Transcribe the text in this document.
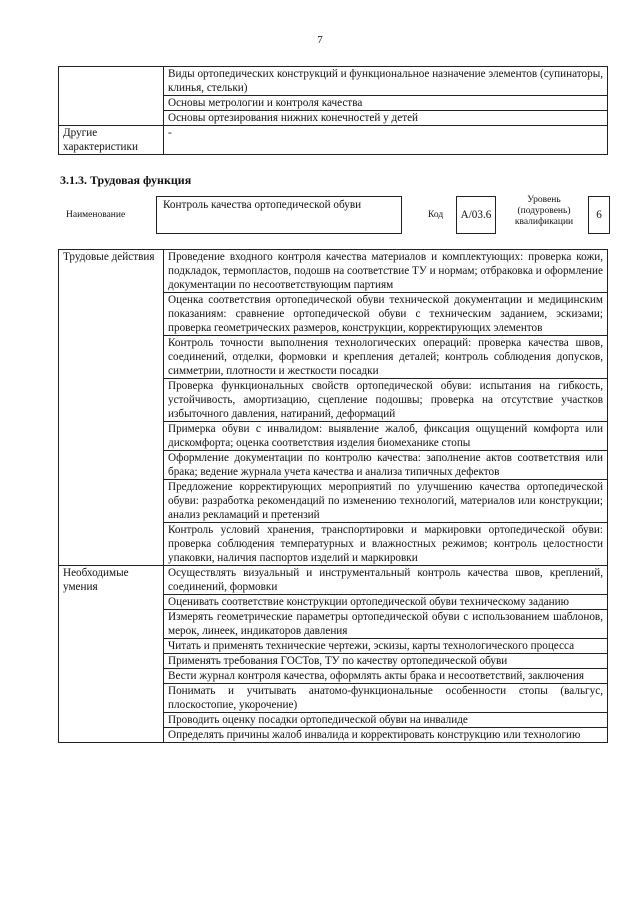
7
	Виды ортопедических конструкций и функциональное назначение элементов (супинаторы, клинья, стельки)
	Основы метрологии и контроля качества
	Основы ортезирования нижних конечностей у детей
Другие характеристики	-
3.1.3. Трудовая функция
Наименование
Контроль качества ортопедической обуви
Код	А/03.6
Уровень (подуровень) квалификации
6
Трудовые действия	Проведение входного контроля качества материалов и комплектующих: проверка кожи, подкладок, термопластов, подошв на соответствие ТУ и нормам; отбраковка и оформление документации по несоответствующим партиям
	Оценка соответствия ортопедической обуви технической документации и медицинским показаниям: сравнение ортопедической обуви с техническим заданием, эскизами; проверка геометрических размеров, конструкции, корректирующих элементов
	Контроль точности выполнения технологических операций: проверка качества швов, соединений, отделки, формовки и крепления деталей; контроль соблюдения допусков, симметрии, плотности и жесткости посадки
	Проверка функциональных свойств ортопедической обуви: испытания на гибкость, устойчивость, амортизацию, сцепление подошвы; проверка на отсутствие участков избыточного давления, натираний, деформаций
	Примерка обуви с инвалидом: выявление жалоб, фиксация ощущений комфорта или дискомфорта; оценка соответствия изделия биомеханике стопы
	Оформление документации по контролю качества: заполнение актов соответствия или брака; ведение журнала учета качества и анализа типичных дефектов
	Предложение корректирующих мероприятий по улучшению качества ортопедической обуви: разработка рекомендаций по изменению технологий, материалов или конструкции; анализ рекламаций и претензий
	Контроль условий хранения, транспортировки и маркировки ортопедической обуви: проверка соблюдения температурных и влажностных режимов; контроль целостности упаковки, наличия паспортов изделий и маркировки
Необходимые умения	Осуществлять визуальный и инструментальный контроль качества швов, креплений, соединений, формовки
	Оценивать соответствие конструкции ортопедической обуви техническому заданию
	Измерять геометрические параметры ортопедической обуви с использованием шаблонов, мерок, линеек, индикаторов давления
	Читать и применять технические чертежи, эскизы, карты технологического процесса
	Применять требования ГОСТов, ТУ по качеству ортопедической обуви
	Вести журнал контроля качества, оформлять акты брака и несоответствий, заключения
	Понимать и учитывать анатомо-функциональные особенности стопы (вальгус, плоскостопие, укорочение)
	Проводить оценку посадки ортопедической обуви на инвалиде
	Определять причины жалоб инвалида и корректировать конструкцию или технологию
